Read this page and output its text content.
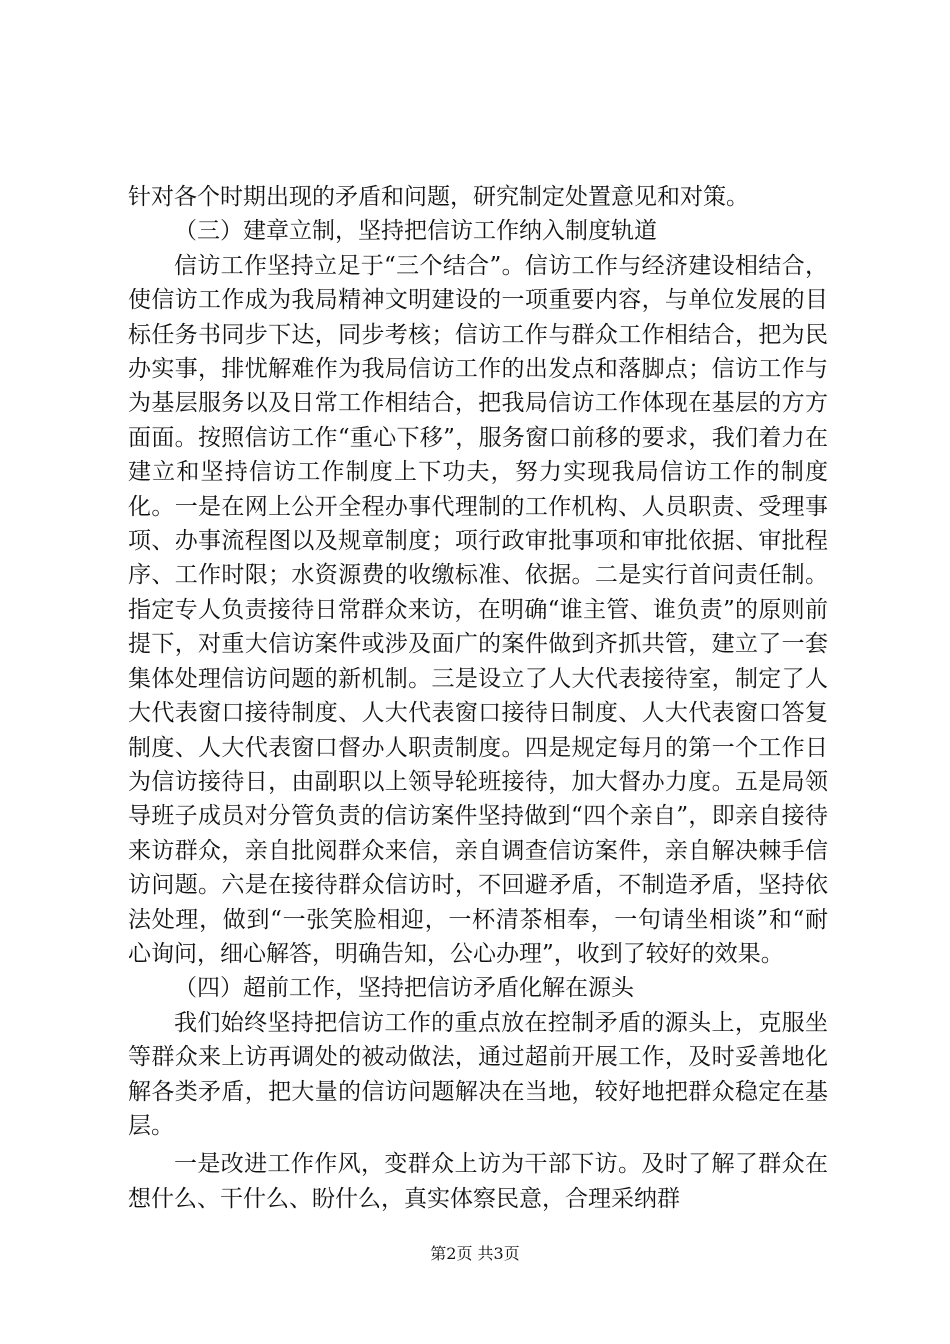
针对各个时期出现的矛盾和问题，研究制定处置意见和对策。

（三）建章立制，坚持把信访工作纳入制度轨道

信访工作坚持立足于“三个结合”。信访工作与经济建设相结合，使信访工作成为我局精神文明建设的一项重要内容，与单位发展的目标任务书同步下达，同步考核；信访工作与群众工作相结合，把为民办实事，排忧解难作为我局信访工作的出发点和落脚点；信访工作与为基层服务以及日常工作相结合，把我局信访工作体现在基层的方方面面。按照信访工作“重心下移”，服务窗口前移的要求，我们着力在建立和坚持信访工作制度上下功夫，努力实现我局信访工作的制度化。一是在网上公开全程办事代理制的工作机构、人员职责、受理事项、办事流程图以及规章制度；项行政审批事项和审批依据、审批程序、工作时限；水资源费的收缴标准、依据。二是实行首问责任制。指定专人负责接待日常群众来访，在明确“谁主管、谁负责”的原则前提下，对重大信访案件或涉及面广的案件做到齐抓共管，建立了一套集体处理信访问题的新机制。三是设立了人大代表接待室，制定了人大代表窗口接待制度、人大代表窗口接待日制度、人大代表窗口答复制度、人大代表窗口督办人职责制度。四是规定每月的第一个工作日为信访接待日，由副职以上领导轮班接待，加大督办力度。五是局领导班子成员对分管负责的信访案件坚持做到“四个亲自”，即亲自接待来访群众，亲自批阅群众来信，亲自调查信访案件，亲自解决棘手信访问题。六是在接待群众信访时，不回避矛盾，不制造矛盾，坚持依法处理，做到“一张笑脸相迎，一杯清茶相奉，一句请坐相谈”和“耐心询问，细心解答，明确告知，公心办理”，收到了较好的效果。

（四）超前工作，坚持把信访矛盾化解在源头

我们始终坚持把信访工作的重点放在控制矛盾的源头上，克服坐等群众来上访再调处的被动做法，通过超前开展工作，及时妥善地化解各类矛盾，把大量的信访问题解决在当地，较好地把群众稳定在基层。

一是改进工作作风，变群众上访为干部下访。及时了解了群众在想什么、干什么、盼什么，真实体察民意，合理采纳群

第2页 共3页
